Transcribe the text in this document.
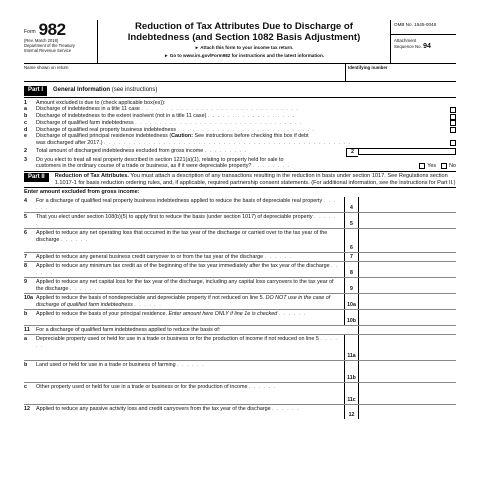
Form 982
(Rev. March 2018)
Department of the Treasury
Internal Revenue Service
Reduction of Tax Attributes Due to Discharge of
Indebtedness (and Section 1082 Basis Adjustment)
► Attach this form to your income tax return.
► Go to www.irs.gov/Form982 for instructions and the latest information.
OMB No. 1545-0046
Attachment
Sequence No. 94
Name shown on return	Identifying number
Part I	General Information (see instructions)
1	Amount excluded is due to (check applicable box(es)):
a	Discharge of indebtedness in a title 11 case . . . . . . . . . . . . . . . . . . . . . . . . . . . . . . . .
b	Discharge of indebtedness to the extent insolvent (not in a title 11 case) . . . . . . . . . . . . . . . . . .
c	Discharge of qualified farm indebtedness . . . . . . . . . . . . . . . . . . . . . . . . . . . . . . . . . .
d	Discharge of qualified real property business indebtedness . . . . . . . . . . . . . . . . . . . . . . . . . . . .
e	Discharge of qualified principal residence indebtedness (Caution: See instructions before checking this box if debt
was discharged after 2017.) . . . . . . . . . . . . . . . . . . . . . . . . . . . . . . . . . . . . . . . . . . . . . . . . . .
2	Total amount of discharged indebtedness excluded from gross income . . . . . . . . .	2
3	Do you elect to treat all real property described in section 1221(a)(1), relating to property held for sale to
customers in the ordinary course of a trade or business, as if it were depreciable property? . . . . . . . .	Yes No
Part II	Reduction of Tax Attributes. You must attach a description of any transactions resulting in the reduction in basis under section 1017. See Regulations section 1.1017-1 for basis reduction ordering rules, and, if applicable, required partnership consent statements. (For additional information, see the instructions for Part II.)
Enter amount excluded from gross income:
4	For a discharge of qualified real property business indebtedness applied to reduce the basis of depreciable real property . . . . . .	4
5	That you elect under section 108(b)(5) to apply first to reduce the basis (under section 1017) of depreciable property . . . . . .	5
6	Applied to reduce any net operating loss that occurred in the tax year of the discharge or carried over to the tax year of the discharge . . . . . .
6
7	Applied to reduce any general business credit carryover to or from the tax year of the discharge . . . . . .	7
8	Applied to reduce any minimum tax credit as of the beginning of the tax year immediately after the tax year of the discharge . . . . . .	8
9	Applied to reduce any net capital loss for the tax year of the discharge, including any capital loss carryovers to the tax year of the discharge . . . . . .	9
10a Applied to reduce the basis of nondepreciable and depreciable property if not reduced on line 5. DO NOT use in the case of discharge of qualified farm indebtedness . . . . . .	10a
b	Applied to reduce the basis of your principal residence. Enter amount here ONLY if line 1e is checked . . . . . .
10b
11	For a discharge of qualified farm indebtedness applied to reduce the basis of:
a	Depreciable property used or held for use in a trade or business or for the production of income if not reduced on line 5 . . . . . .
11a
b	Land used or held for use in a trade or business of farming . . . . . .
11b
c	Other property used or held for use in a trade or business or for the production of income . . . . . .
11c
12	Applied to reduce any passive activity loss and credit carryovers from the tax year of the discharge . . . . . .
12
